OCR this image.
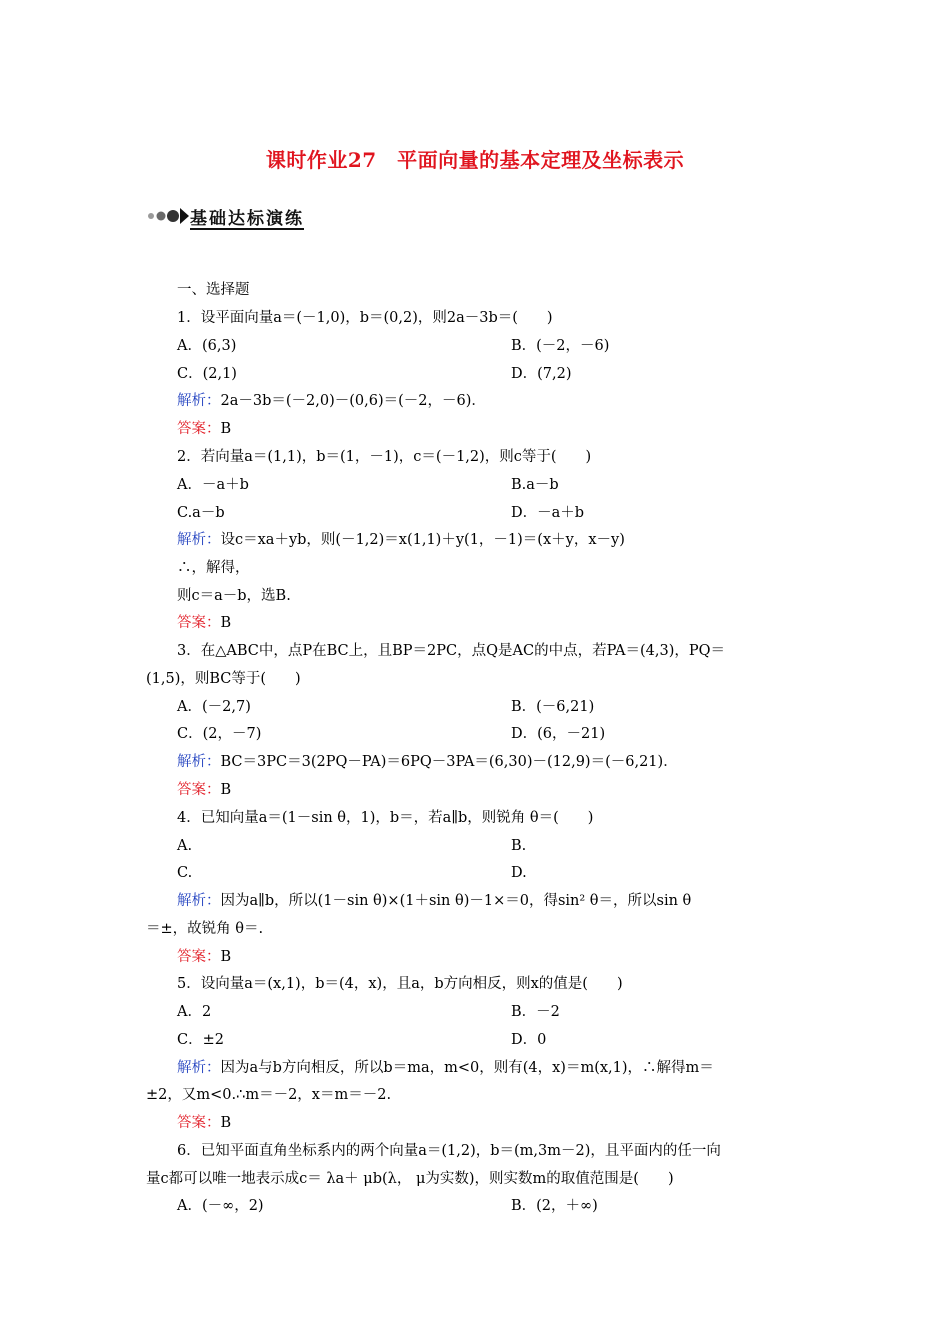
课时作业27　平面向量的基本定理及坐标表示
基础达标演练
一、选择题
1．设平面向量a＝(－1,0)，b＝(0,2)，则2a－3b＝(　　)
A．(6,3)	B．(－2，－6)
C．(2,1)	D．(7,2)
解析：2a－3b＝(－2,0)－(0,6)＝(－2，－6)．
答案：B
2．若向量a＝(1,1)，b＝(1，－1)，c＝(－1,2)，则c等于(　　)
A．－a＋b	B.a－b
C.a－b	D．－a＋b
解析：设c＝xa＋yb，则(－1,2)＝x(1,1)＋y(1，－1)＝(x＋y，x－y)
∴，解得，
则c＝a－b，选B.
答案：B
3．在△ABC中，点P在BC上，且BP＝2PC，点Q是AC的中点，若PA＝(4,3)，PQ＝
(1,5)，则BC等于(　　)
A．(－2,7)	B．(－6,21)
C．(2，－7)	D．(6，－21)
解析：BC＝3PC＝3(2PQ－PA)＝6PQ－3PA＝(6,30)－(12,9)＝(－6,21)．
答案：B
4．已知向量a＝(1－sin θ，1)，b＝，若a∥b，则锐角 θ＝(　　)
A.	B.
C.	D.
解析：因为a∥b，所以(1－sin θ)×(1＋sin θ)－1×＝0，得sin² θ＝，所以sin θ
＝±，故锐角 θ＝.
答案：B
5．设向量a＝(x,1)，b＝(4，x)，且a，b方向相反，则x的值是(　　)
A．2	B．－2
C．±2	D．0
解析：因为a与b方向相反，所以b＝ma，m<0，则有(4，x)＝m(x,1)，∴解得m＝
±2，又m<0.∴m＝－2，x＝m＝－2.
答案：B
6．已知平面直角坐标系内的两个向量a＝(1,2)，b＝(m,3m－2)，且平面内的任一向
量c都可以唯一地表示成c＝ λa＋ μb(λ， μ为实数)，则实数m的取值范围是(　　)
A．(－∞，2)	B．(2，＋∞)
